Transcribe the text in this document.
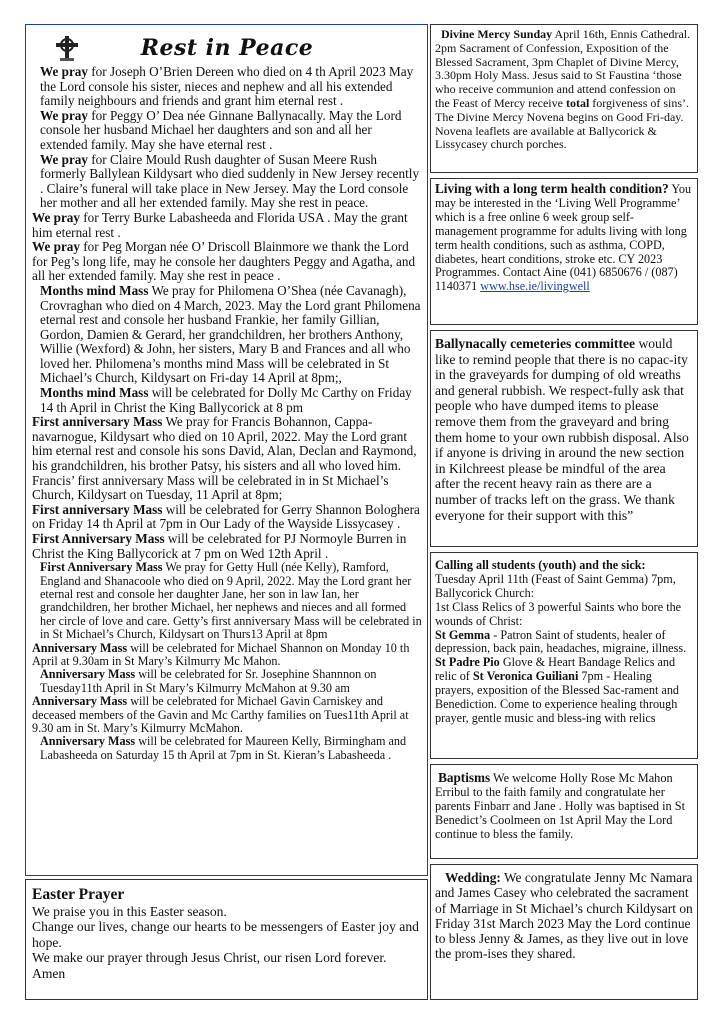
Rest in Peace
We pray for Joseph O’Brien Dereen who died on 4 th April 2023 May the Lord console his sister, nieces and nephew and all his extended family neighbours and friends and grant him eternal rest .
We pray for Peggy O’ Dea née Ginnane Ballynacally. May the Lord console her husband Michael her daughters and son and all her extended family. May she have eternal rest .
We pray for Claire Mould Rush daughter of Susan Meere Rush formerly Ballylean Kildysart who died suddenly in New Jersey recently . Claire’s funeral will take place in New Jersey. May the Lord console her mother and all her extended family. May she rest in peace.
We pray for Terry Burke Labasheeda and Florida USA . May the grant him eternal rest .
We pray for Peg Morgan née O’ Driscoll Blainmore we thank the Lord for Peg’s long life, may he console her daughters Peggy and Agatha, and all her extended family. May she rest in peace .
Months mind Mass We pray for Philomena O’Shea (née Cavanagh), Crovraghan who died on 4 March, 2023. May the Lord grant Philomena eternal rest and console her husband Frankie, her family Gillian, Gordon, Damien & Gerard, her grandchildren, her brothers Anthony, Willie (Wexford) & John, her sisters, Mary B and Frances and all who loved her. Philomena’s months mind Mass will be celebrated in St Michael’s Church, Kildysart on Fri-day 14 April at 8pm;,
Months mind Mass will be celebrated for Dolly Mc Carthy on Friday 14 th April in Christ the King Ballycorick at 8 pm
First anniversary Mass We pray for Francis Bohannon, Cappa-navarnogue, Kildysart who died on 10 April, 2022. May the Lord grant him eternal rest and console his sons David, Alan, Declan and Raymond, his grandchildren, his brother Patsy, his sisters and all who loved him. Francis’ first anniversary Mass will be celebrated in in St Michael’s Church, Kildysart on Tuesday, 11 April at 8pm;
First anniversary Mass will be celebrated for Gerry Shannon Bologhera on Friday 14 th April at 7pm in Our Lady of the Wayside Lissycasey .
First Anniversary Mass will be celebrated for PJ Normoyle Burren in Christ the King Ballycorick at 7 pm on Wed 12th April .
First Anniversary Mass We pray for Getty Hull (née Kelly), Ramford, England and Shanacoole who died on 9 April, 2022. May the Lord grant her eternal rest and console her daughter Jane, her son in law Ian, her grandchildren, her brother Michael, her nephews and nieces and all formed her circle of love and care. Getty’s first anniversary Mass will be celebrated in in St Michael’s Church, Kildysart on Thurs13 April at 8pm
Anniversary Mass will be celebrated for Michael Shannon on Monday 10 th April at 9.30am in St Mary’s Kilmurry Mc Mahon.
Anniversary Mass will be celebrated for Sr. Josephine Shannnon on Tuesday11th April in St Mary’s Kilmurry McMahon at 9.30 am
Anniversary Mass will be celebrated for Michael Gavin Carniskey and deceased members of the Gavin and Mc Carthy families on Tues11th April at 9.30 am in St. Mary’s Kilmurry McMahon.
Anniversary Mass will be celebrated for Maureen Kelly, Birmingham and Labasheeda on Saturday 15 th April at 7pm in St. Kieran’s Labasheeda .
Easter Prayer
We praise you in this Easter season.
Change our lives, change our hearts to be messengers of Easter joy and hope.
We make our prayer through Jesus Christ, our risen Lord forever. Amen
Divine Mercy Sunday April 16th, Ennis Cathedral. 2pm Sacrament of Confession, Exposition of the Blessed Sacrament, 3pm Chaplet of Divine Mercy, 3.30pm Holy Mass. Jesus said to St Faustina ‘those who receive communion and attend confession on the Feast of Mercy receive total forgiveness of sins’.
The Divine Mercy Novena begins on Good Fri-day. Novena leaflets are available at Ballycorick & Lissycasey church porches.
Living with a long term health condition? You may be interested in the ‘Living Well Programme’ which is a free online 6 week group self-management programme for adults living with long term health conditions, such as asthma, COPD, diabetes, heart conditions, stroke etc. CY 2023 Programmes. Contact Aine (041) 6850676 / (087) 1140371 www.hse.ie/livingwell
Ballynacally cemeteries committee would like to remind people that there is no capac-ity in the graveyards for dumping of old wreaths and general rubbish. We respect-fully ask that people who have dumped items to please remove them from the graveyard and bring them home to your own rubbish disposal. Also if anyone is driving in around the new section in Kilchreest please be mindful of the area after the recent heavy rain as there are a number of tracks left on the grass. We thank everyone for their support with this”
Calling all students (youth) and the sick:
Tuesday April 11th (Feast of Saint Gemma) 7pm, Ballycorick Church:
1st Class Relics of 3 powerful Saints who bore the wounds of Christ:
St Gemma - Patron Saint of students, healer of depression, back pain, headaches, migraine, illness. St Padre Pio Glove & Heart Bandage Relics and relic of St Veronica Guiliani 7pm - Healing prayers, exposition of the Blessed Sac-rament and Benediction. Come to experience healing through prayer, gentle music and bless-ing with relics
Baptisms We welcome Holly Rose Mc Mahon Erribul to the faith family and congratulate her parents Finbarr and Jane . Holly was baptised in St Benedict’s Coolmeen on 1st April May the Lord continue to bless the family.
Wedding: We congratulate Jenny Mc Namara and James Casey who celebrated the sacrament of Marriage in St Michael’s church Kildysart on Friday 31st March 2023 May the Lord continue to bless Jenny & James, as they live out in love the prom-ises they shared.
